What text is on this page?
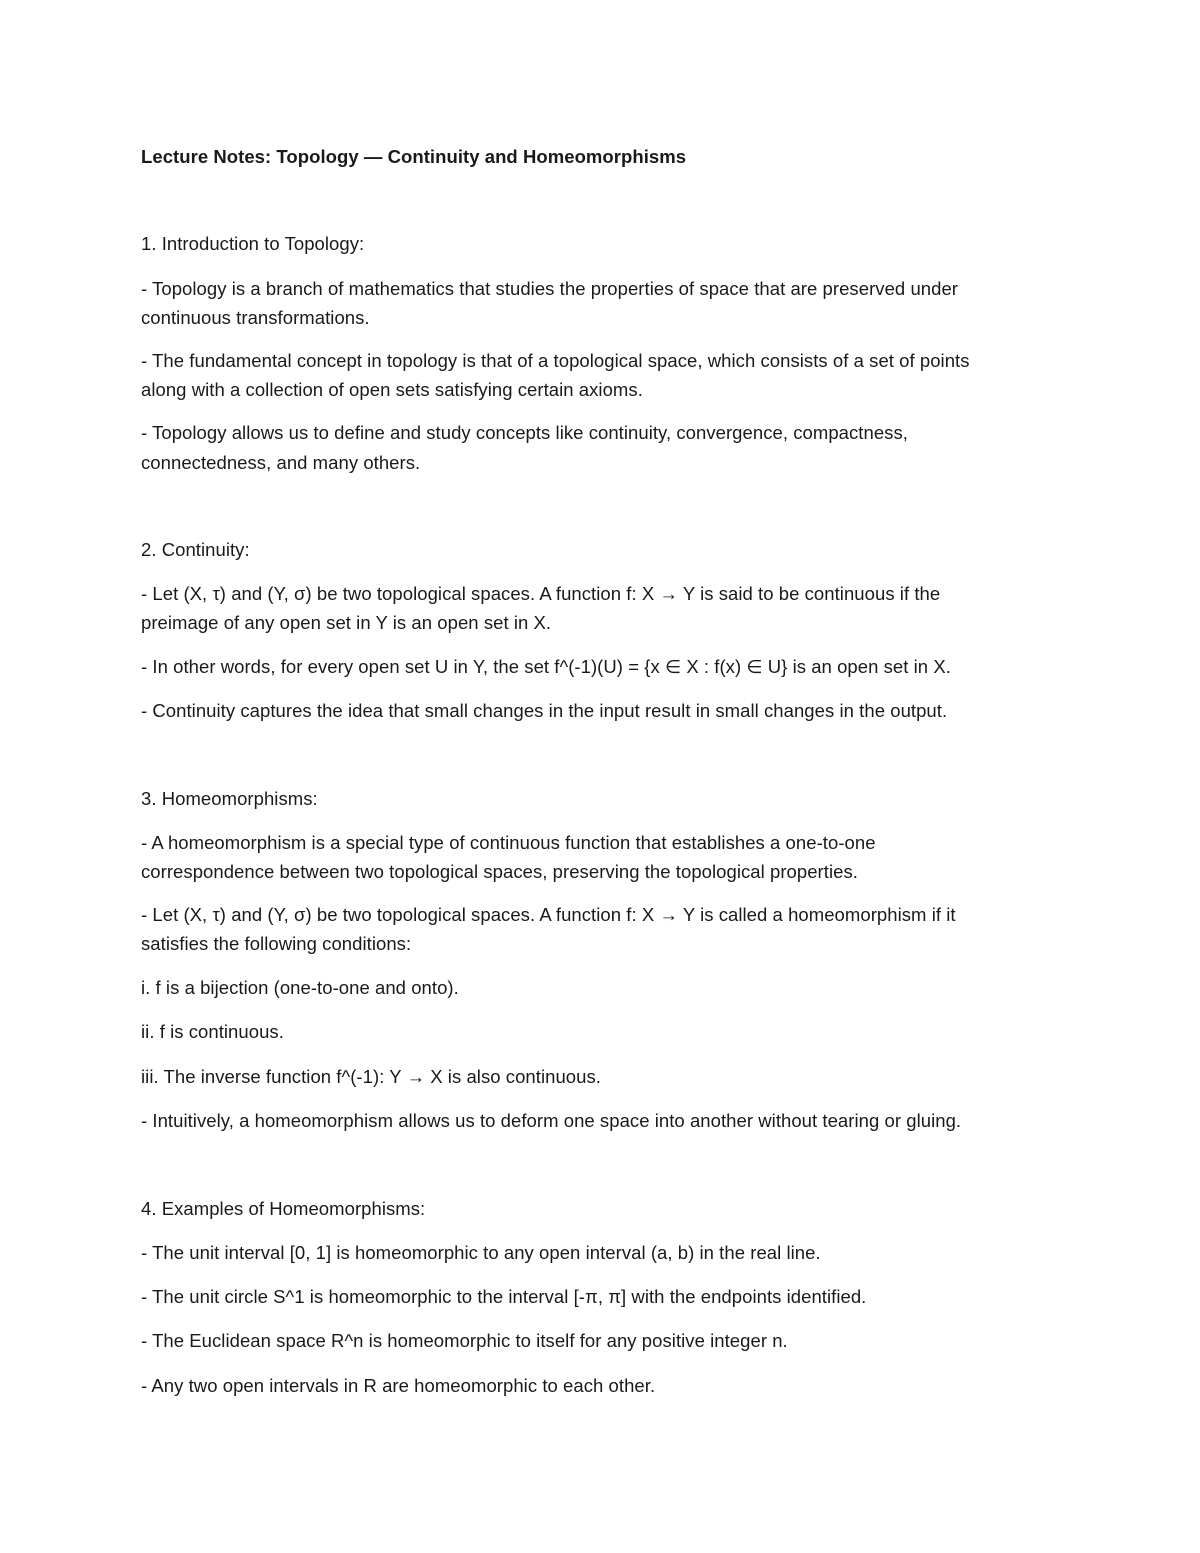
Lecture Notes: Topology — Continuity and Homeomorphisms

1. Introduction to Topology:

- Topology is a branch of mathematics that studies the properties of space that are preserved under

continuous transformations.

- The fundamental concept in topology is that of a topological space, which consists of a set of points

along with a collection of open sets satisfying certain axioms.

- Topology allows us to define and study concepts like continuity, convergence, compactness,

connectedness, and many others.

2. Continuity:

- Let (X, τ) and (Y, σ) be two topological spaces. A function f: X → Y is said to be continuous if the

preimage of any open set in Y is an open set in X.

- In other words, for every open set U in Y, the set f^(-1)(U) = {x ∈ X : f(x) ∈ U} is an open set in X.

- Continuity captures the idea that small changes in the input result in small changes in the output.

3. Homeomorphisms:

- A homeomorphism is a special type of continuous function that establishes a one-to-one

correspondence between two topological spaces, preserving the topological properties.

- Let (X, τ) and (Y, σ) be two topological spaces. A function f: X → Y is called a homeomorphism if it

satisfies the following conditions:

i. f is a bijection (one-to-one and onto).

ii. f is continuous.

iii. The inverse function f^(-1): Y → X is also continuous.

- Intuitively, a homeomorphism allows us to deform one space into another without tearing or gluing.

4. Examples of Homeomorphisms:

- The unit interval [0, 1] is homeomorphic to any open interval (a, b) in the real line.

- The unit circle S^1 is homeomorphic to the interval [-π, π] with the endpoints identified.

- The Euclidean space R^n is homeomorphic to itself for any positive integer n.

- Any two open intervals in R are homeomorphic to each other.
